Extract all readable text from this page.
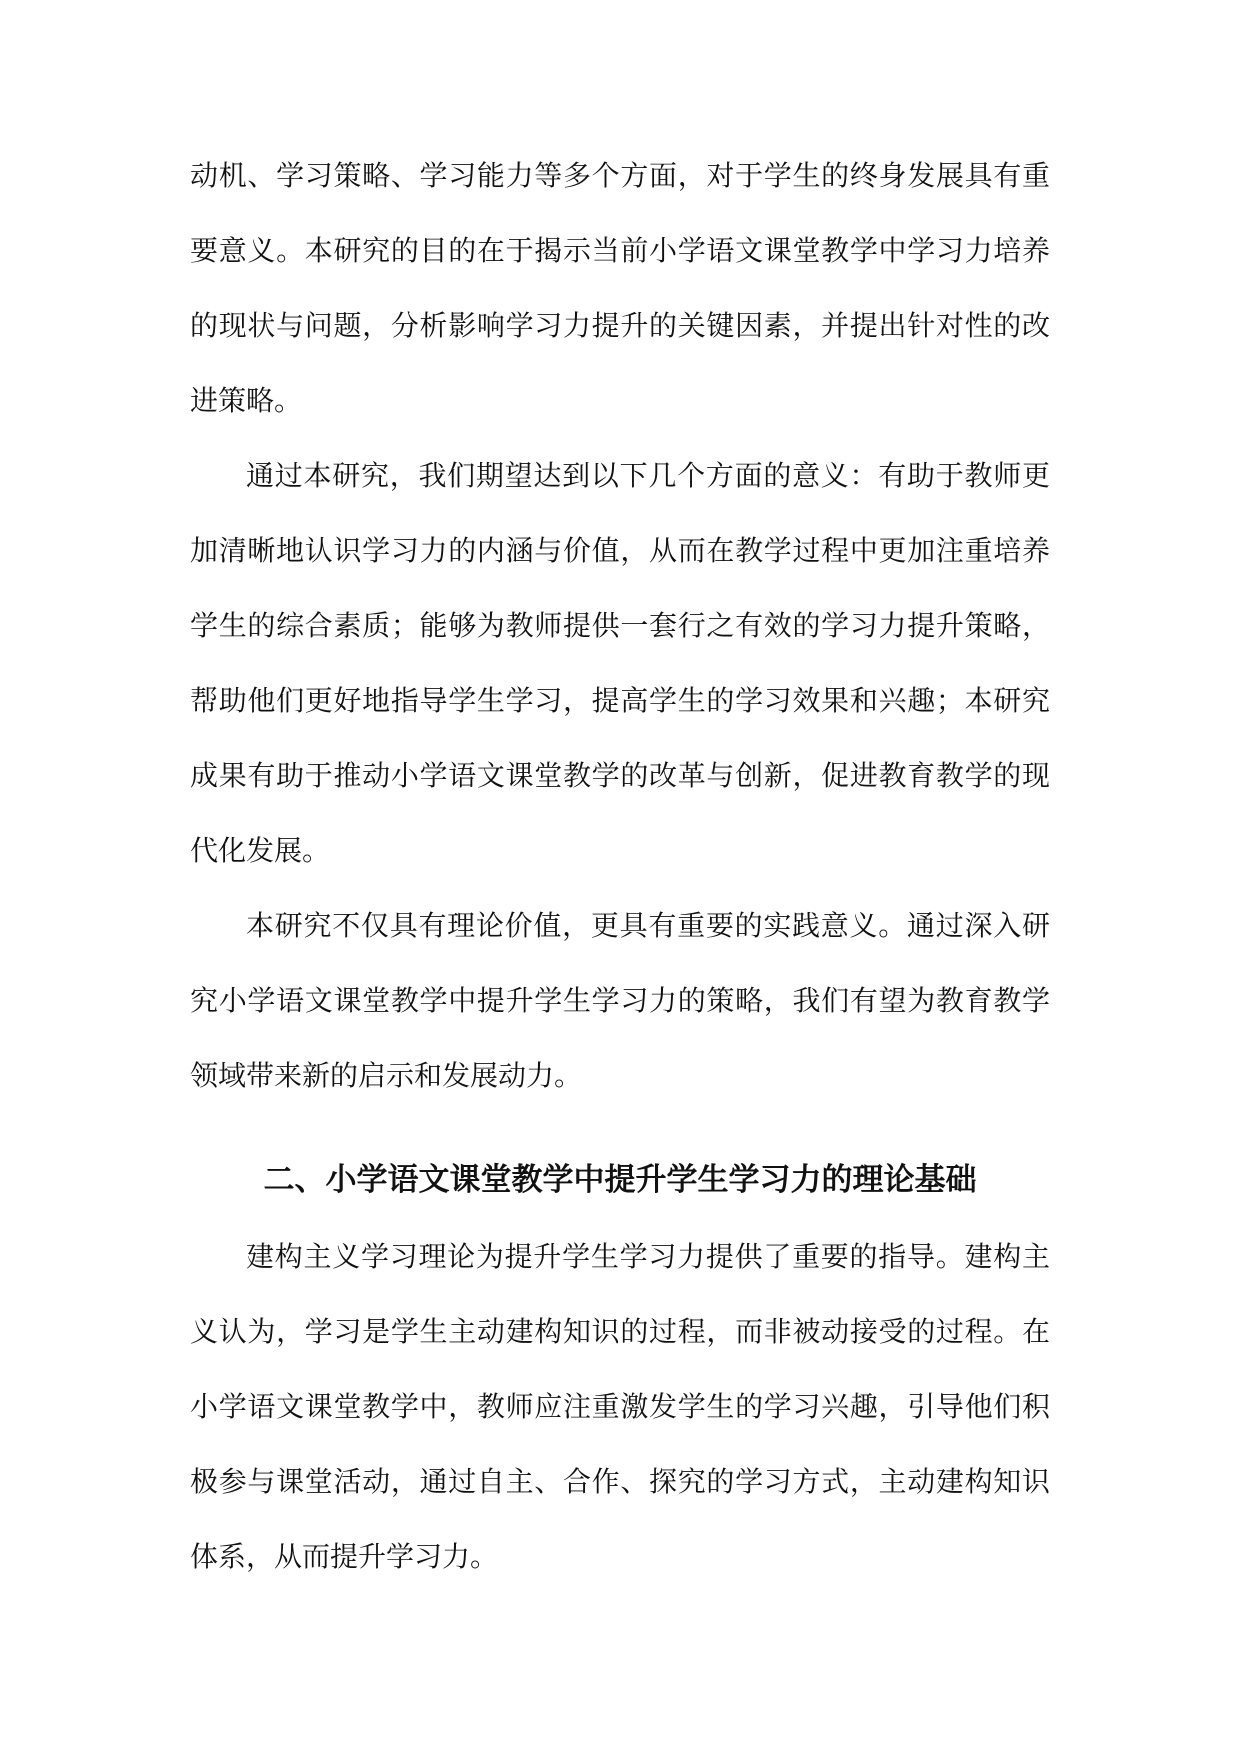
动机、学习策略、学习能力等多个方面，对于学生的终身发展具有重要意义。本研究的目的在于揭示当前小学语文课堂教学中学习力培养的现状与问题，分析影响学习力提升的关键因素，并提出针对性的改进策略。

通过本研究，我们期望达到以下几个方面的意义：有助于教师更加清晰地认识学习力的内涵与价值，从而在教学过程中更加注重培养学生的综合素质；能够为教师提供一套行之有效的学习力提升策略，帮助他们更好地指导学生学习，提高学生的学习效果和兴趣；本研究成果有助于推动小学语文课堂教学的改革与创新，促进教育教学的现代化发展。

本研究不仅具有理论价值，更具有重要的实践意义。通过深入研究小学语文课堂教学中提升学生学习力的策略，我们有望为教育教学领域带来新的启示和发展动力。

二、小学语文课堂教学中提升学生学习力的理论基础

建构主义学习理论为提升学生学习力提供了重要的指导。建构主义认为，学习是学生主动建构知识的过程，而非被动接受的过程。在小学语文课堂教学中，教师应注重激发学生的学习兴趣，引导他们积极参与课堂活动，通过自主、合作、探究的学习方式，主动建构知识体系，从而提升学习力。
